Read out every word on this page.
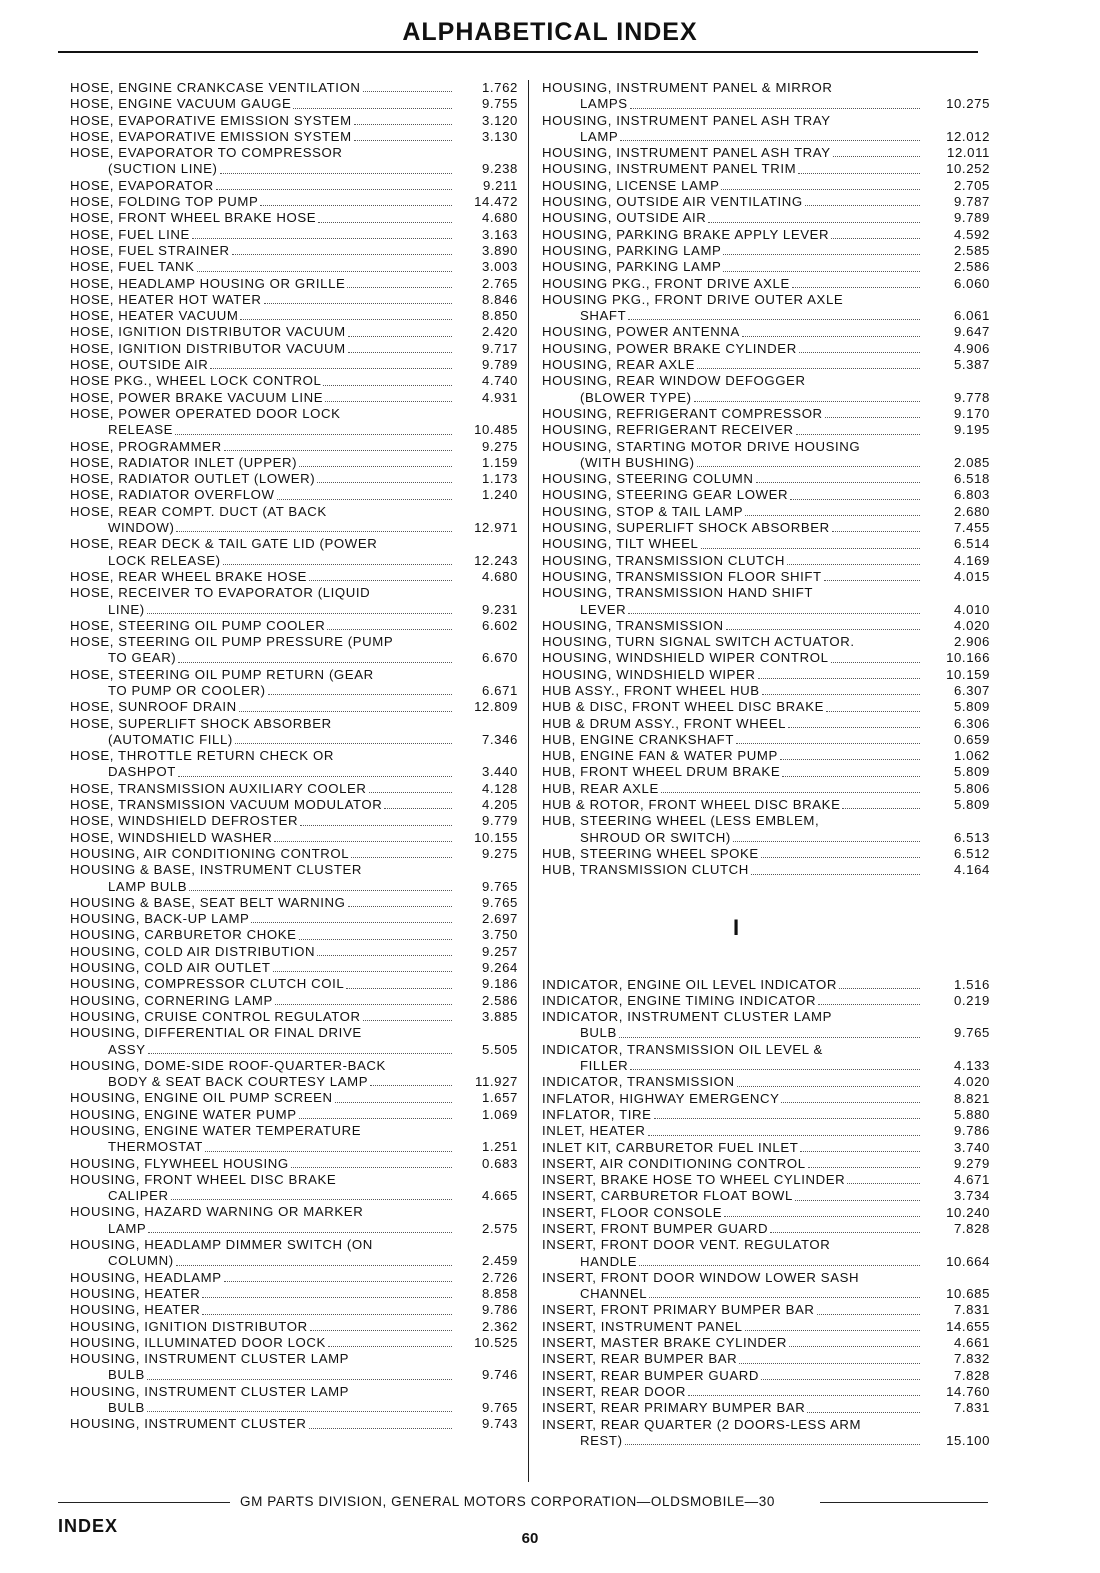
ALPHABETICAL INDEX
HOSE, ENGINE CRANKCASE VENTILATION	1.762
HOSE, ENGINE VACUUM GAUGE	9.755
HOSE, EVAPORATIVE EMISSION SYSTEM	3.120
HOSE, EVAPORATIVE EMISSION SYSTEM	3.130
HOSE, EVAPORATOR TO COMPRESSOR
(SUCTION LINE)	9.238
HOSE, EVAPORATOR	9.211
HOSE, FOLDING TOP PUMP	14.472
HOSE, FRONT WHEEL BRAKE HOSE	4.680
HOSE, FUEL LINE	3.163
HOSE, FUEL STRAINER	3.890
HOSE, FUEL TANK	3.003
HOSE, HEADLAMP HOUSING OR GRILLE	2.765
HOSE, HEATER HOT WATER	8.846
HOSE, HEATER VACUUM	8.850
HOSE, IGNITION DISTRIBUTOR VACUUM	2.420
HOSE, IGNITION DISTRIBUTOR VACUUM	9.717
HOSE, OUTSIDE AIR	9.789
HOSE PKG., WHEEL LOCK CONTROL	4.740
HOSE, POWER BRAKE VACUUM LINE	4.931
HOSE, POWER OPERATED DOOR LOCK
RELEASE	10.485
HOSE, PROGRAMMER	9.275
HOSE, RADIATOR INLET (UPPER)	1.159
HOSE, RADIATOR OUTLET (LOWER)	1.173
HOSE, RADIATOR OVERFLOW	1.240
HOSE, REAR COMPT. DUCT (AT BACK
WINDOW)	12.971
HOSE, REAR DECK & TAIL GATE LID (POWER
LOCK RELEASE)	12.243
HOSE, REAR WHEEL BRAKE HOSE	4.680
HOSE, RECEIVER TO EVAPORATOR (LIQUID
LINE)	9.231
HOSE, STEERING OIL PUMP COOLER	6.602
HOSE, STEERING OIL PUMP PRESSURE (PUMP
TO GEAR)	6.670
HOSE, STEERING OIL PUMP RETURN (GEAR
TO PUMP OR COOLER)	6.671
HOSE, SUNROOF DRAIN	12.809
HOSE, SUPERLIFT SHOCK ABSORBER
(AUTOMATIC FILL)	7.346
HOSE, THROTTLE RETURN CHECK OR
DASHPOT	3.440
HOSE, TRANSMISSION AUXILIARY COOLER	4.128
HOSE, TRANSMISSION VACUUM MODULATOR	4.205
HOSE, WINDSHIELD DEFROSTER	9.779
HOSE, WINDSHIELD WASHER	10.155
HOUSING, AIR CONDITIONING CONTROL	9.275
HOUSING & BASE, INSTRUMENT CLUSTER
LAMP BULB	9.765
HOUSING & BASE, SEAT BELT WARNING	9.765
HOUSING, BACK-UP LAMP	2.697
HOUSING, CARBURETOR CHOKE	3.750
HOUSING, COLD AIR DISTRIBUTION	9.257
HOUSING, COLD AIR OUTLET	9.264
HOUSING, COMPRESSOR CLUTCH COIL	9.186
HOUSING, CORNERING LAMP	2.586
HOUSING, CRUISE CONTROL REGULATOR	3.885
HOUSING, DIFFERENTIAL OR FINAL DRIVE
ASSY	5.505
HOUSING, DOME-SIDE ROOF-QUARTER-BACK
BODY & SEAT BACK COURTESY LAMP	11.927
HOUSING, ENGINE OIL PUMP SCREEN	1.657
HOUSING, ENGINE WATER PUMP	1.069
HOUSING, ENGINE WATER TEMPERATURE
THERMOSTAT	1.251
HOUSING, FLYWHEEL HOUSING	0.683
HOUSING, FRONT WHEEL DISC BRAKE
CALIPER	4.665
HOUSING, HAZARD WARNING OR MARKER
LAMP	2.575
HOUSING, HEADLAMP DIMMER SWITCH (ON
COLUMN)	2.459
HOUSING, HEADLAMP	2.726
HOUSING, HEATER	8.858
HOUSING, HEATER	9.786
HOUSING, IGNITION DISTRIBUTOR	2.362
HOUSING, ILLUMINATED DOOR LOCK	10.525
HOUSING, INSTRUMENT CLUSTER LAMP
BULB	9.746
HOUSING, INSTRUMENT CLUSTER LAMP
BULB	9.765
HOUSING, INSTRUMENT CLUSTER	9.743
HOUSING, INSTRUMENT PANEL & MIRROR
LAMPS	10.275
HOUSING, INSTRUMENT PANEL ASH TRAY
LAMP	12.012
HOUSING, INSTRUMENT PANEL ASH TRAY	12.011
HOUSING, INSTRUMENT PANEL TRIM	10.252
HOUSING, LICENSE LAMP	2.705
HOUSING, OUTSIDE AIR VENTILATING	9.787
HOUSING, OUTSIDE AIR	9.789
HOUSING, PARKING BRAKE APPLY LEVER	4.592
HOUSING, PARKING LAMP	2.585
HOUSING, PARKING LAMP	2.586
HOUSING PKG., FRONT DRIVE AXLE	6.060
HOUSING PKG., FRONT DRIVE OUTER AXLE
SHAFT	6.061
HOUSING, POWER ANTENNA	9.647
HOUSING, POWER BRAKE CYLINDER	4.906
HOUSING, REAR AXLE	5.387
HOUSING, REAR WINDOW DEFOGGER
(BLOWER TYPE)	9.778
HOUSING, REFRIGERANT COMPRESSOR	9.170
HOUSING, REFRIGERANT RECEIVER	9.195
HOUSING, STARTING MOTOR DRIVE HOUSING
(WITH BUSHING)	2.085
HOUSING, STEERING COLUMN	6.518
HOUSING, STEERING GEAR LOWER	6.803
HOUSING, STOP & TAIL LAMP	2.680
HOUSING, SUPERLIFT SHOCK ABSORBER	7.455
HOUSING, TILT WHEEL	6.514
HOUSING, TRANSMISSION CLUTCH	4.169
HOUSING, TRANSMISSION FLOOR SHIFT	4.015
HOUSING, TRANSMISSION HAND SHIFT
LEVER	4.010
HOUSING, TRANSMISSION	4.020
HOUSING, TURN SIGNAL SWITCH ACTUATOR.	2.906
HOUSING, WINDSHIELD WIPER CONTROL	10.166
HOUSING, WINDSHIELD WIPER	10.159
HUB ASSY., FRONT WHEEL HUB	6.307
HUB & DISC, FRONT WHEEL DISC BRAKE	5.809
HUB & DRUM ASSY., FRONT WHEEL	6.306
HUB, ENGINE CRANKSHAFT	0.659
HUB, ENGINE FAN & WATER PUMP	1.062
HUB, FRONT WHEEL DRUM BRAKE	5.809
HUB, REAR AXLE	5.806
HUB & ROTOR, FRONT WHEEL DISC BRAKE	5.809
HUB, STEERING WHEEL (LESS EMBLEM,
SHROUD OR SWITCH)	6.513
HUB, STEERING WHEEL SPOKE	6.512
HUB, TRANSMISSION CLUTCH	4.164
I
INDICATOR, ENGINE OIL LEVEL INDICATOR	1.516
INDICATOR, ENGINE TIMING INDICATOR	0.219
INDICATOR, INSTRUMENT CLUSTER LAMP
BULB	9.765
INDICATOR, TRANSMISSION OIL LEVEL &
FILLER	4.133
INDICATOR, TRANSMISSION	4.020
INFLATOR, HIGHWAY EMERGENCY	8.821
INFLATOR, TIRE	5.880
INLET, HEATER	9.786
INLET KIT, CARBURETOR FUEL INLET	3.740
INSERT, AIR CONDITIONING CONTROL	9.279
INSERT, BRAKE HOSE TO WHEEL CYLINDER	4.671
INSERT, CARBURETOR FLOAT BOWL	3.734
INSERT, FLOOR CONSOLE	10.240
INSERT, FRONT BUMPER GUARD	7.828
INSERT, FRONT DOOR VENT. REGULATOR
HANDLE	10.664
INSERT, FRONT DOOR WINDOW LOWER SASH
CHANNEL	10.685
INSERT, FRONT PRIMARY BUMPER BAR	7.831
INSERT, INSTRUMENT PANEL	14.655
INSERT, MASTER BRAKE CYLINDER	4.661
INSERT, REAR BUMPER BAR	7.832
INSERT, REAR BUMPER GUARD	7.828
INSERT, REAR DOOR	14.760
INSERT, REAR PRIMARY BUMPER BAR	7.831
INSERT, REAR QUARTER (2 DOORS-LESS ARM
REST)	15.100
GM PARTS DIVISION, GENERAL MOTORS CORPORATION—OLDSMOBILE—30
INDEX
60
